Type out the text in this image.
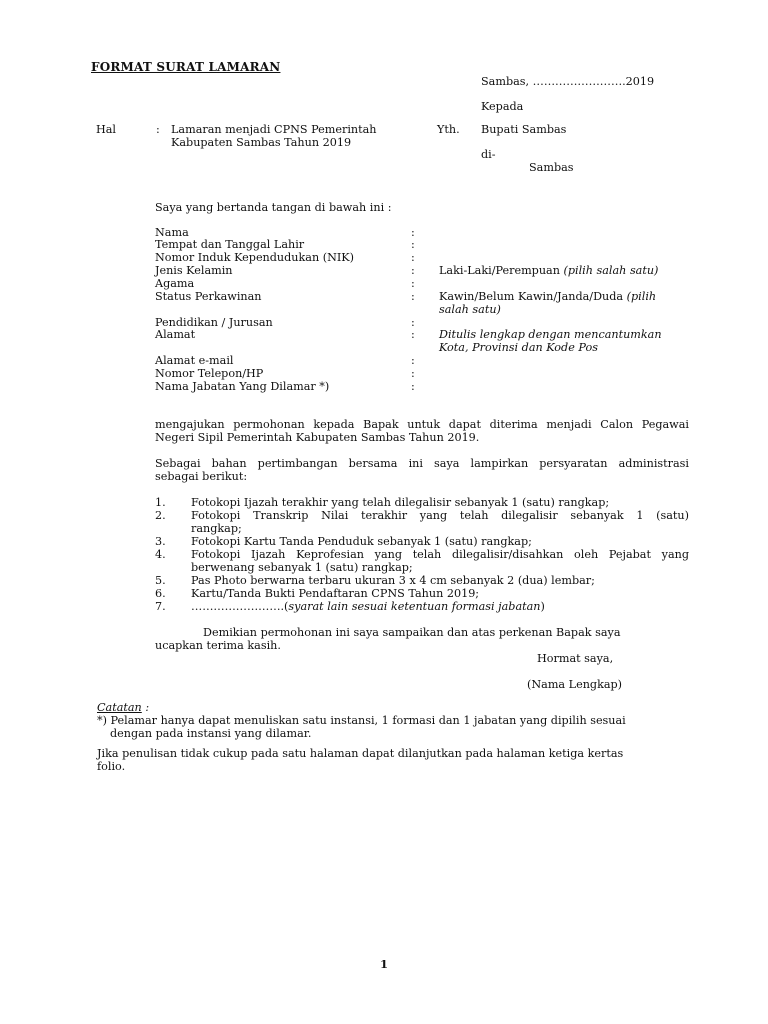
FORMAT SURAT LAMARAN
Sambas, …………………….2019
Kepada
Yth. Bupati Sambas
di-
Sambas
Hal	: Lamaran menjadi CPNS Pemerintah
Kabupaten Sambas Tahun 2019
Saya yang bertanda tangan di bawah ini :
Nama
Tempat dan Tanggal Lahir
Nomor Induk Kependudukan (NIK)
Jenis Kelamin
Agama
Status Perkawinan
Pendidikan / Jurusan
Alamat
Alamat e-mail
Nomor Telepon/HP
Nama Jabatan Yang Dilamar *)
:
:
:
:
:
:
:
:
:
:
:
Laki-Laki/Perempuan (pilih salah satu)
Kawin/Belum Kawin/Janda/Duda (pilih
salah satu)
Ditulis lengkap dengan mencantumkan
Kota, Provinsi dan Kode Pos
mengajukan permohonan kepada Bapak untuk dapat diterima menjadi Calon Pegawai
Negeri Sipil Pemerintah Kabupaten Sambas Tahun 2019.
Sebagai bahan pertimbangan bersama ini saya lampirkan persyaratan administrasi
sebagai berikut:
1. Fotokopi Ijazah terakhir yang telah dilegalisir sebanyak 1 (satu) rangkap;
2. Fotokopi Transkrip Nilai terakhir yang telah dilegalisir sebanyak 1 (satu)
rangkap;
3. Fotokopi Kartu Tanda Penduduk sebanyak 1 (satu) rangkap;
4. Fotokopi Ijazah Keprofesian yang telah dilegalisir/disahkan oleh Pejabat yang
berwenang sebanyak 1 (satu) rangkap;
5. Pas Photo berwarna terbaru ukuran 3 x 4 cm sebanyak 2 (dua) lembar;
6. Kartu/Tanda Bukti Pendaftaran CPNS Tahun 2019;
7. …………………….(syarat lain sesuai ketentuan formasi jabatan)
Demikian permohonan ini saya sampaikan dan atas perkenan Bapak saya
ucapkan terima kasih.
Hormat saya,
(Nama Lengkap)
Catatan :
*) Pelamar hanya dapat menuliskan satu instansi, 1 formasi dan 1 jabatan yang dipilih sesuai
dengan pada instansi yang dilamar.
Jika penulisan tidak cukup pada satu halaman dapat dilanjutkan pada halaman ketiga kertas
folio.
1
